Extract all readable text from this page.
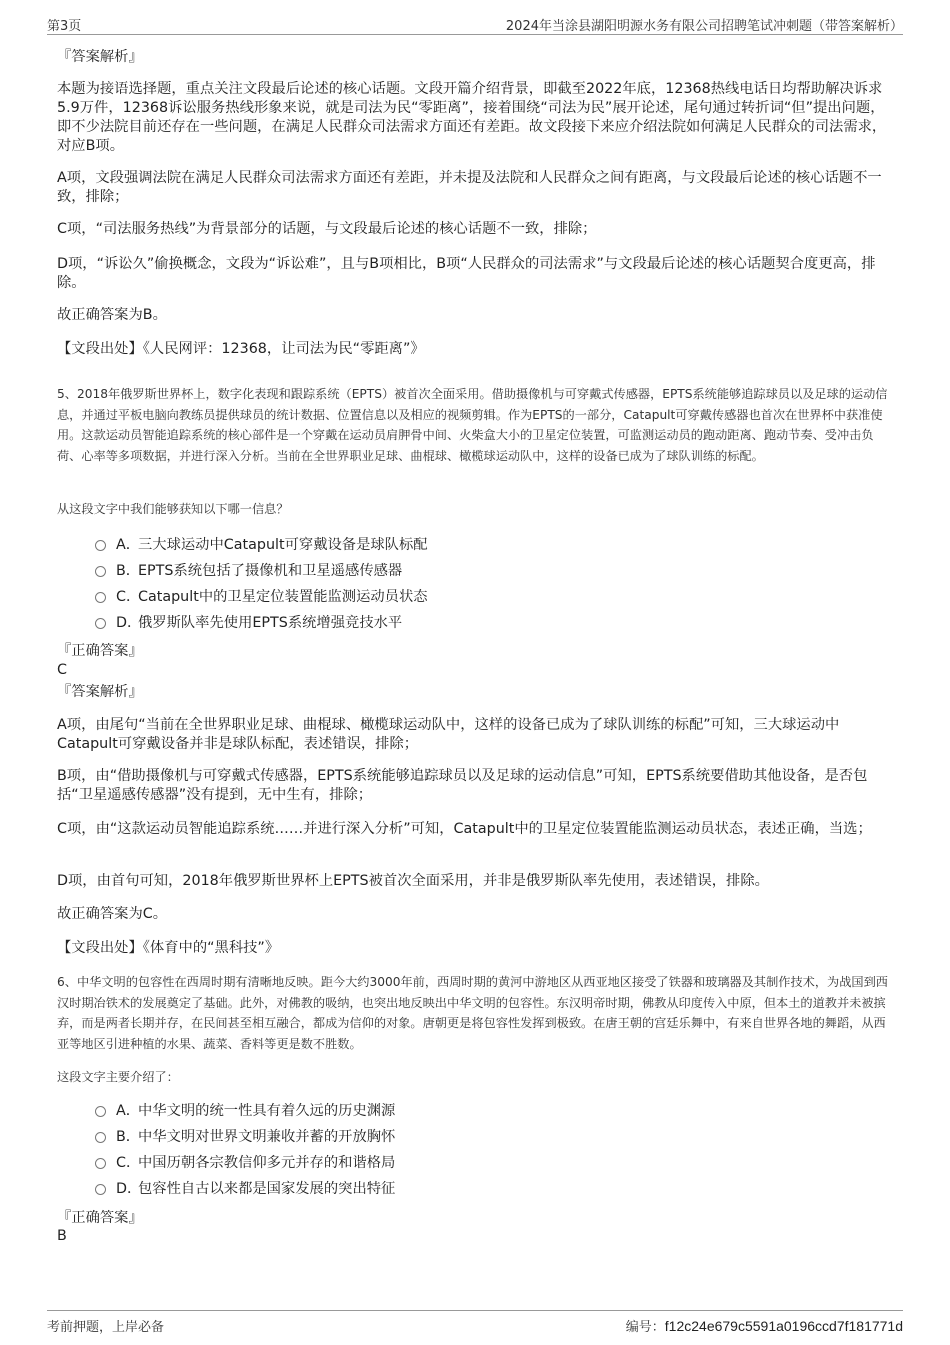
第3页	2024年当涂县湖阳明源水务有限公司招聘笔试冲刺题（带答案解析）
『答案解析』
本题为接语选择题，重点关注文段最后论述的核心话题。文段开篇介绍背景，即截至2022年底，12368热线电话日均帮助解决诉求5.9万件，12368诉讼服务热线形象来说，就是司法为民“零距离”，接着围绕“司法为民”展开论述，尾句通过转折词“但”提出问题，即不少法院目前还存在一些问题，在满足人民群众司法需求方面还有差距。故文段接下来应介绍法院如何满足人民群众的司法需求，对应B项。
A项，文段强调法院在满足人民群众司法需求方面还有差距，并未提及法院和人民群众之间有距离，与文段最后论述的核心话题不一致，排除；
C项，“司法服务热线”为背景部分的话题，与文段最后论述的核心话题不一致，排除；
D项，“诉讼久”偷换概念，文段为“诉讼难”，且与B项相比，B项“人民群众的司法需求”与文段最后论述的核心话题契合度更高，排除。
故正确答案为B。
【文段出处】《人民网评：12368，让司法为民“零距离”》
5、2018年俄罗斯世界杯上，数字化表现和跟踪系统（EPTS）被首次全面采用。借助摄像机与可穿戴式传感器，EPTS系统能够追踪球员以及足球的运动信息，并通过平板电脑向教练员提供球员的统计数据、位置信息以及相应的视频剪辑。作为EPTS的一部分，Catapult可穿戴传感器也首次在世界杯中获准使用。这款运动员智能追踪系统的核心部件是一个穿戴在运动员肩胛骨中间、火柴盒大小的卫星定位装置，可监测运动员的跑动距离、跑动节奏、受冲击负荷、心率等多项数据，并进行深入分析。当前在全世界职业足球、曲棍球、橄榄球运动队中，这样的设备已成为了球队训练的标配。
从这段文字中我们能够获知以下哪一信息？
A．三大球运动中Catapult可穿戴设备是球队标配
B．EPTS系统包括了摄像机和卫星遥感传感器
C．Catapult中的卫星定位装置能监测运动员状态
D．俄罗斯队率先使用EPTS系统增强竞技水平
『正确答案』
C
『答案解析』
A项，由尾句“当前在全世界职业足球、曲棍球、橄榄球运动队中，这样的设备已成为了球队训练的标配”可知，三大球运动中Catapult可穿戴设备并非是球队标配，表述错误，排除；
B项，由“借助摄像机与可穿戴式传感器，EPTS系统能够追踪球员以及足球的运动信息”可知，EPTS系统要借助其他设备，是否包括“卫星遥感传感器”没有提到，无中生有，排除；
C项，由“这款运动员智能追踪系统……并进行深入分析”可知，Catapult中的卫星定位装置能监测运动员状态，表述正确，当选；
D项，由首句可知，2018年俄罗斯世界杯上EPTS被首次全面采用，并非是俄罗斯队率先使用，表述错误，排除。
故正确答案为C。
【文段出处】《体育中的“黑科技”》
6、中华文明的包容性在西周时期有清晰地反映。距今大约3000年前，西周时期的黄河中游地区从西亚地区接受了铁器和玻璃器及其制作技术，为战国到西汉时期冶铁术的发展奠定了基础。此外，对佛教的吸纳，也突出地反映出中华文明的包容性。东汉明帝时期，佛教从印度传入中原，但本土的道教并未被摈弃，而是两者长期并存，在民间甚至相互融合，都成为信仰的对象。唐朝更是将包容性发挥到极致。在唐王朝的宫廷乐舞中，有来自世界各地的舞蹈，从西亚等地区引进种植的水果、蔬菜、香料等更是数不胜数。
这段文字主要介绍了：
A．中华文明的统一性具有着久远的历史渊源
B．中华文明对世界文明兼收并蓄的开放胸怀
C．中国历朝各宗教信仰多元并存的和谐格局
D．包容性自古以来都是国家发展的突出特征
『正确答案』
B
考前押题，上岸必备	编号：f12c24e679c5591a0196ccd7f181771d
